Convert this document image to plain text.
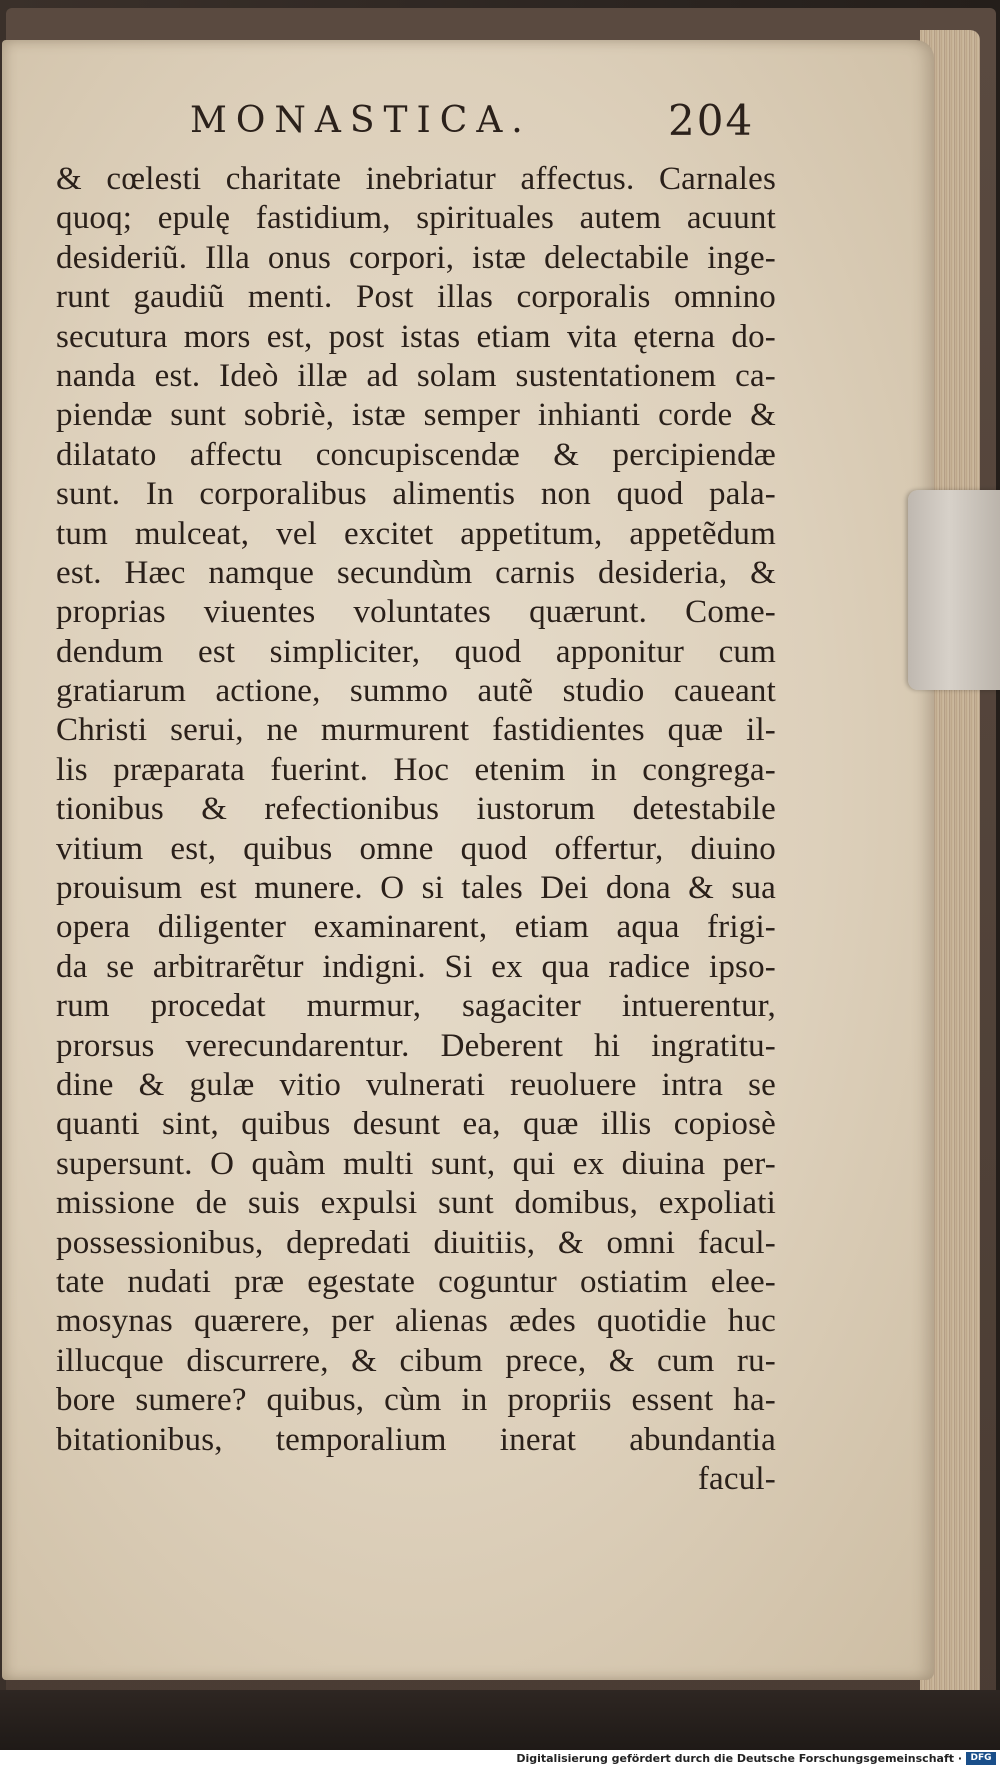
MONASTICA.	204
& cœlesti charitate inebriatur affectus. Carnales
quoq; epulę fastidium, spirituales autem acuunt
desideriũ. Illa onus corpori, istæ delectabile inge-
runt gaudiũ menti. Post illas corporalis omnino
secutura mors est, post istas etiam vita ęterna do-
nanda est. Ideò illæ ad solam sustentationem ca-
piendæ sunt sobriè, istæ semper inhianti corde &
dilatato affectu concupiscendæ & percipiendæ
sunt. In corporalibus alimentis non quod pala-
tum mulceat, vel excitet appetitum, appetẽdum
est. Hæc namque secundùm carnis desideria, &
proprias viuentes voluntates quærunt. Come-
dendum est simpliciter, quod apponitur cum
gratiarum actione, summo autẽ studio caueant
Christi serui, ne murmurent fastidientes quæ il-
lis præparata fuerint. Hoc etenim in congrega-
tionibus & refectionibus iustorum detestabile
vitium est, quibus omne quod offertur, diuino
prouisum est munere. O si tales Dei dona & sua
opera diligenter examinarent, etiam aqua frigi-
da se arbitrarẽtur indigni. Si ex qua radice ipso-
rum procedat murmur, sagaciter intuerentur,
prorsus verecundarentur. Deberent hi ingratitu-
dine & gulæ vitio vulnerati reuoluere intra se
quanti sint, quibus desunt ea, quæ illis copiosè
supersunt. O quàm multi sunt, qui ex diuina per-
missione de suis expulsi sunt domibus, expoliati
possessionibus, depredati diuitiis, & omni facul-
tate nudati præ egestate coguntur ostiatim elee-
mosynas quærere, per alienas ædes quotidie huc
illucque discurrere, & cibum prece, & cum ru-
bore sumere? quibus, cùm in propriis essent ha-
bitationibus, temporalium inerat abundantia
facul-
Digitalisierung gefördert durch die Deutsche Forschungsgemeinschaft · DFG
